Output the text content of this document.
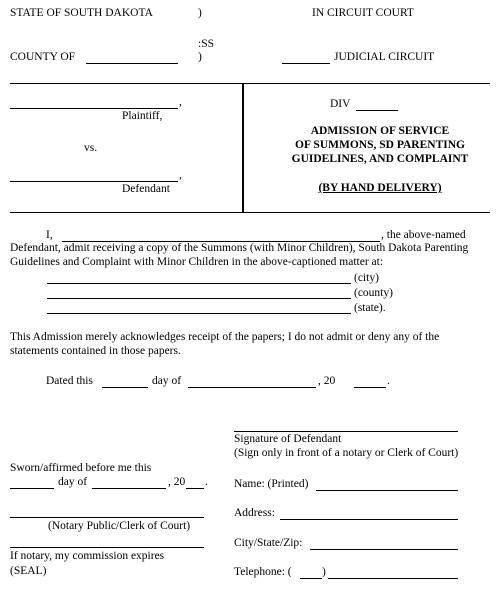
STATE OF SOUTH DAKOTA	)	IN CIRCUIT COURT
:SS
COUNTY OF	)	JUDICIAL CIRCUIT
,
Plaintiff,
vs.
,
Defendant
DIV
ADMISSION OF SERVICE
OF SUMMONS, SD PARENTING
GUIDELINES, AND COMPLAINT
(BY HAND DELIVERY)
I,	, the above-named
Defendant, admit receiving a copy of the Summons (with Minor Children), South Dakota Parenting
Guidelines and Complaint with Minor Children in the above-captioned matter at:
(city)
(county)
(state).
This Admission merely acknowledges receipt of the papers; I do not admit or deny any of the
statements contained in those papers.
Dated this	day of	, 20	.
Signature of Defendant
(Sign only in front of a notary or Clerk of Court)
Name: (Printed)
Address:
City/State/Zip:
Telephone: (	)
Sworn/affirmed before me this
day of	, 20 .
(Notary Public/Clerk of Court)
If notary, my commission expires
(SEAL)
